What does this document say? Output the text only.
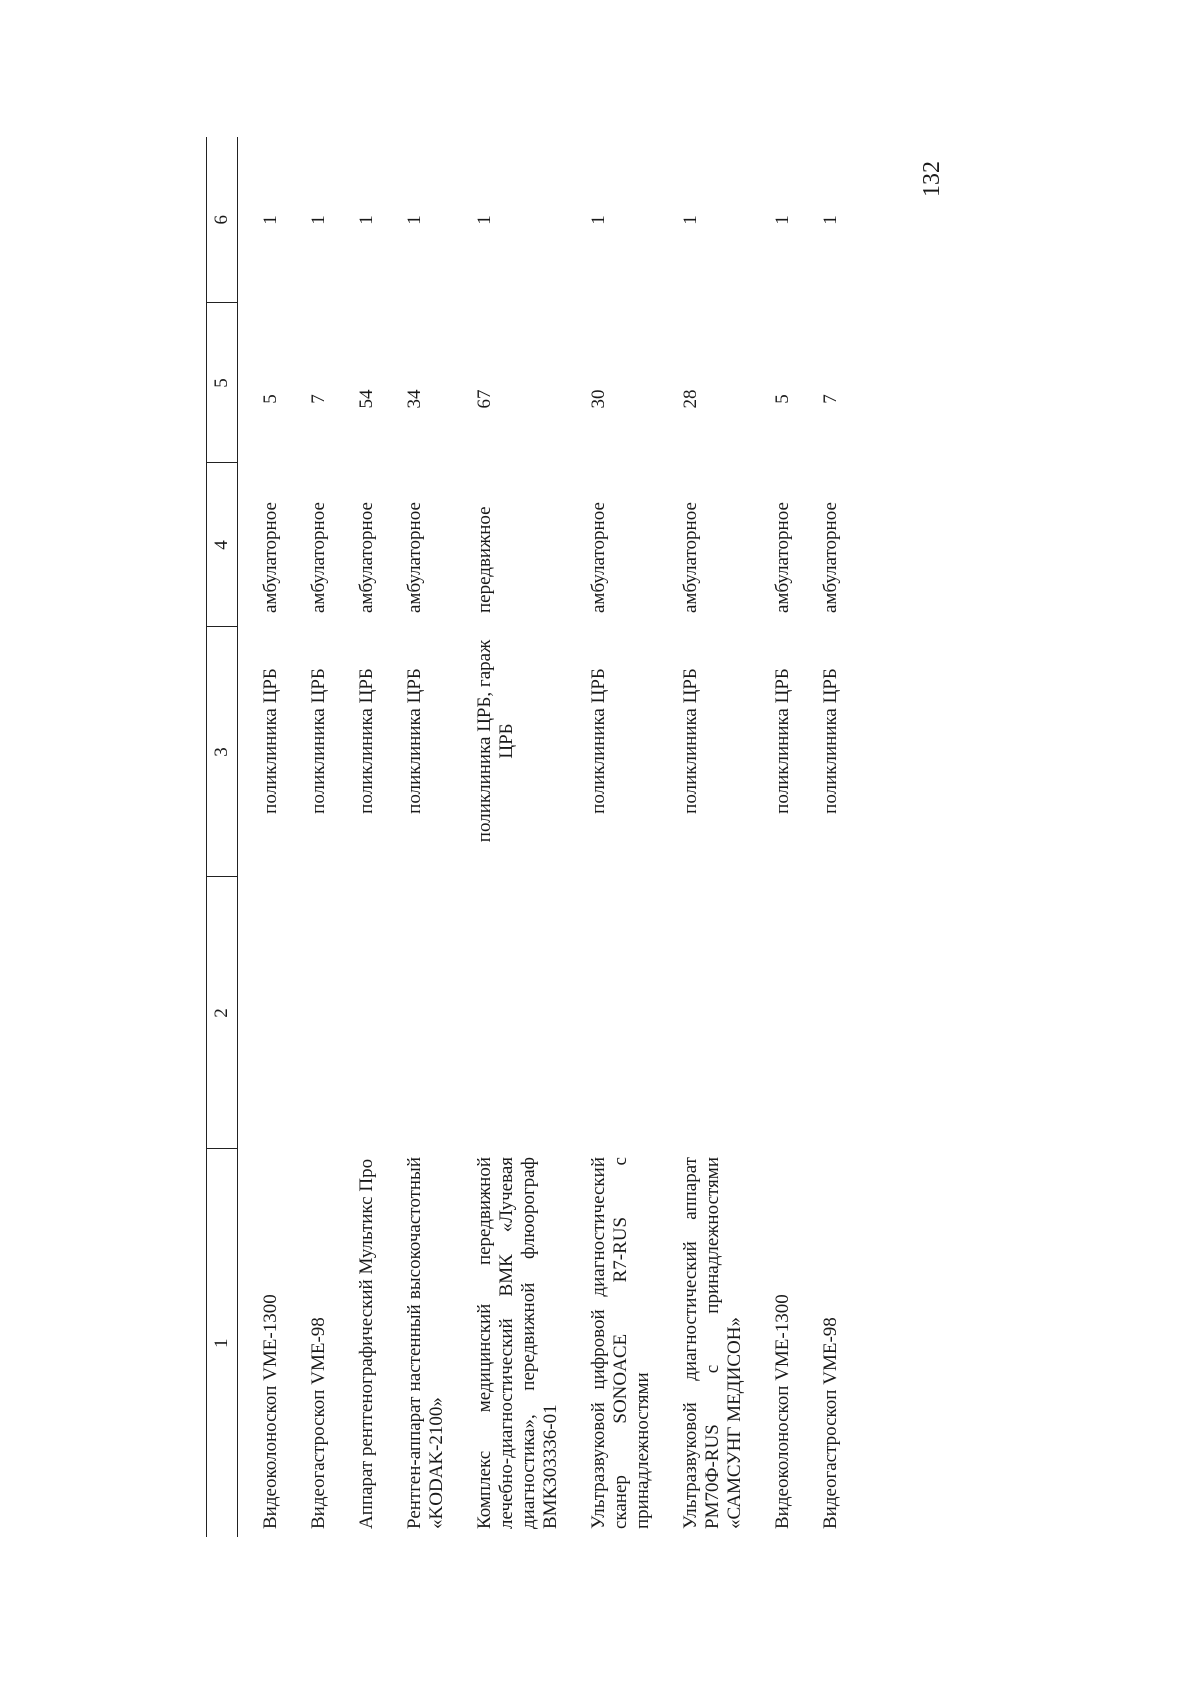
132
1	2	3	4	5	6
Видеоколоноскоп VME-1300		поликлиника ЦРБ	амбулаторное	5	1
Видеогастроскоп VME-98		поликлиника ЦРБ	амбулаторное	7	1
Аппарат рентгенографический Мультикс Про		поликлиника ЦРБ	амбулаторное	54	1
Рентген-аппарат настенный высокочастотный «KODAK-2100»		поликлиника ЦРБ	амбулаторное	34	1
Комплекс медицинский передвижной лечебно-диагностический ВМК «Лучевая диагностика», передвижной флюорограф ВМК303336-01		поликлиника ЦРБ, гараж ЦРБ	передвижное	67	1
Ультразвуковой цифровой диагностический сканер SONOACE R7-RUS с принадлежностями		поликлиника ЦРБ	амбулаторное	30	1
Ультразвуковой диагностический аппарат PM70Ф-RUS с принадлежностями «САМСУНГ МЕДИСОН»		поликлиника ЦРБ	амбулаторное	28	1
Видеоколоноскоп VME-1300		поликлиника ЦРБ	амбулаторное	5	1
Видеогастроскоп VME-98		поликлиника ЦРБ	амбулаторное	7	1
